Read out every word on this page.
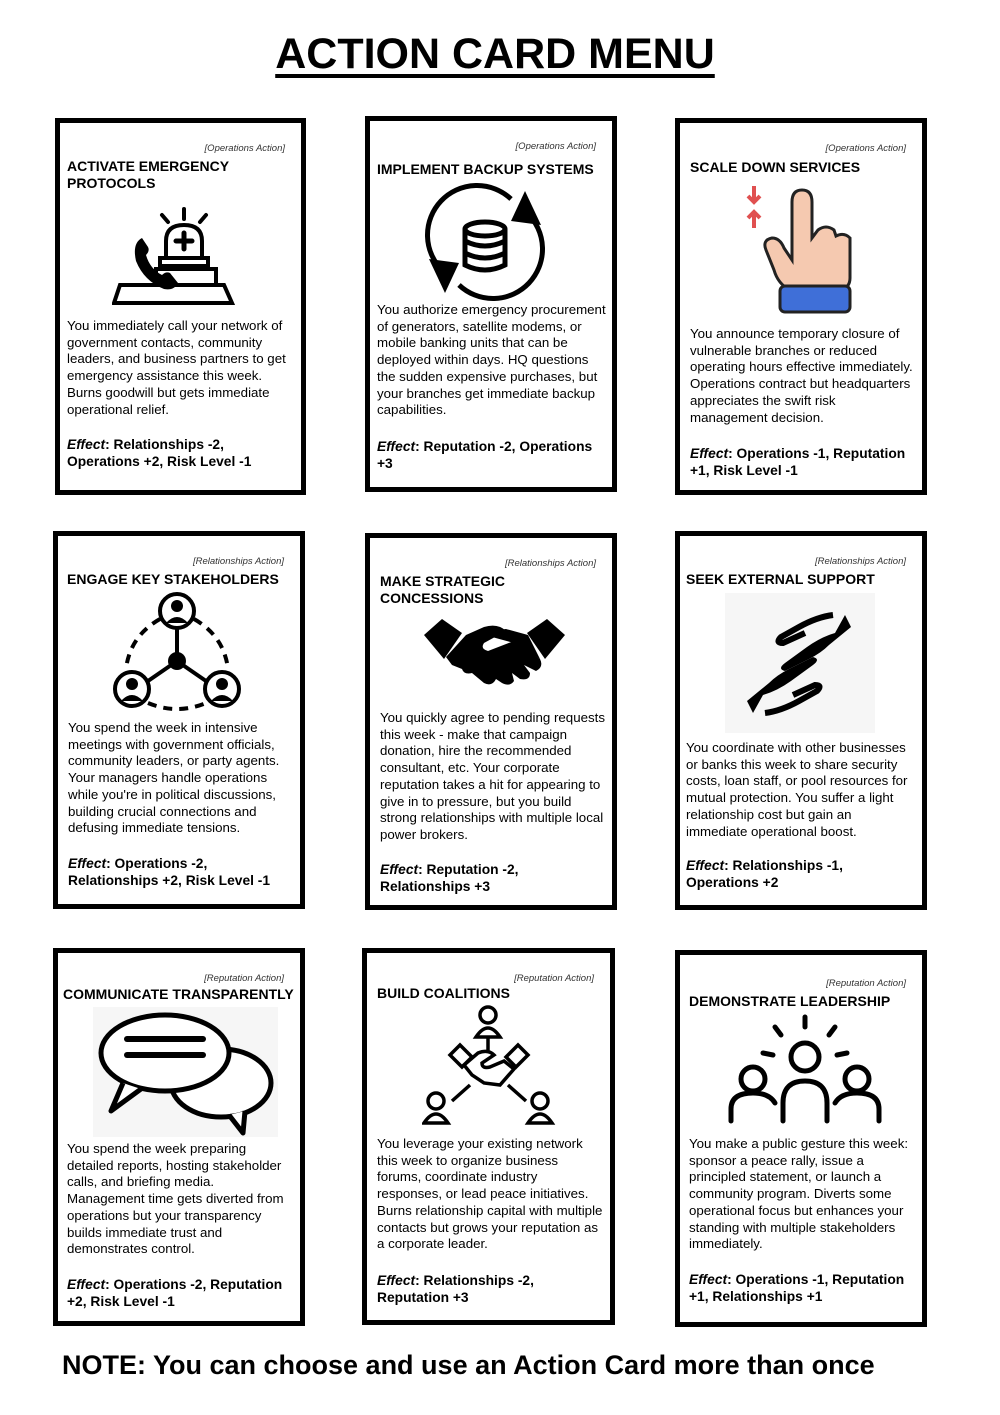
ACTION CARD MENU
[Operations Action]
ACTIVATE EMERGENCY PROTOCOLS
You immediately call your network of government contacts, community leaders, and business partners to get emergency assistance this week. Burns goodwill but gets immediate operational relief.
Effect: Relationships -2, Operations +2, Risk Level -1
[Operations Action]
IMPLEMENT BACKUP SYSTEMS
You authorize emergency procurement of generators, satellite modems, or mobile banking units that can be deployed within days. HQ questions the sudden expensive purchases, but your branches get immediate backup capabilities.
Effect: Reputation -2, Operations +3
[Operations Action]
SCALE DOWN SERVICES
You announce temporary closure of vulnerable branches or reduced operating hours effective immediately. Operations contract but headquarters appreciates the swift risk management decision.
Effect: Operations -1, Reputation +1, Risk Level -1
[Relationships Action]
ENGAGE KEY STAKEHOLDERS
You spend the week in intensive meetings with government officials, community leaders, or party agents. Your managers handle operations while you're in political discussions, building crucial connections and defusing immediate tensions.
Effect: Operations -2, Relationships +2, Risk Level -1
[Relationships Action]
MAKE STRATEGIC CONCESSIONS
You quickly agree to pending requests this week - make that campaign donation, hire the recommended consultant, etc. Your corporate reputation takes a hit for appearing to give in to pressure, but you build strong relationships with multiple local power brokers.
Effect: Reputation -2, Relationships +3
[Relationships Action]
SEEK EXTERNAL SUPPORT
You coordinate with other businesses or banks this week to share security costs, loan staff, or pool resources for mutual protection. You suffer a light relationship cost but gain an immediate operational boost.
Effect: Relationships -1, Operations +2
[Reputation Action]
COMMUNICATE TRANSPARENTLY
You spend the week preparing detailed reports, hosting stakeholder calls, and briefing media. Management time gets diverted from operations but your transparency builds immediate trust and demonstrates control.
Effect: Operations -2, Reputation +2, Risk Level -1
[Reputation Action]
BUILD COALITIONS
You leverage your existing network this week to organize business forums, coordinate industry responses, or lead peace initiatives. Burns relationship capital with multiple contacts but grows your reputation as a corporate leader.
Effect: Relationships -2, Reputation +3
[Reputation Action]
DEMONSTRATE LEADERSHIP
You make a public gesture this week: sponsor a peace rally, issue a principled statement, or launch a community program. Diverts some operational focus but enhances your standing with multiple stakeholders immediately.
Effect: Operations -1, Reputation +1, Relationships +1
NOTE: You can choose and use an Action Card more than once
